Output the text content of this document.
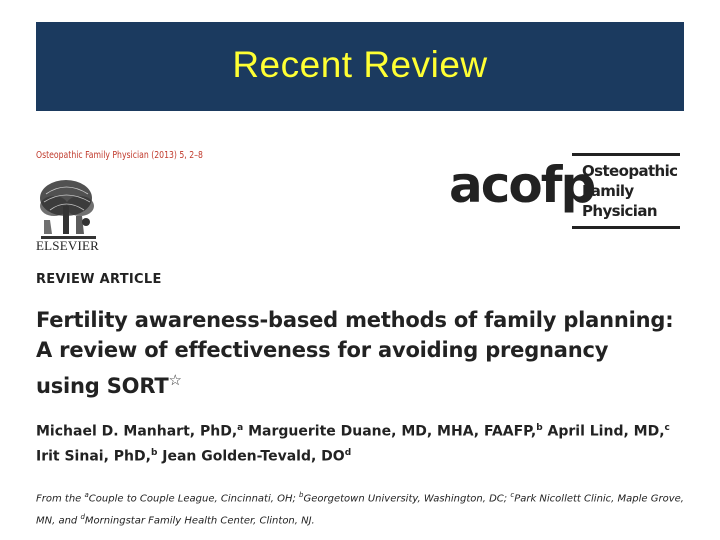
Recent Review
Osteopathic Family Physician (2013) 5, 2–8
ELSEVIER
acofp
Osteopathic
Family
Physician
REVIEW ARTICLE
Fertility awareness-based methods of family planning:
A review of effectiveness for avoiding pregnancy
using SORT☆
Michael D. Manhart, PhD,$^a$ Marguerite Duane, MD, MHA, FAAFP,$^b$ April Lind, MD,$^c$
Irit Sinai, PhD,$^b$ Jean Golden-Tevald, $DO^d$
From the $^a$Couple to Couple League, Cincinnati, OH; $^b$Georgetown University, Washington, DC; $^c$Park Nicollett Clinic, Maple Grove, MN, and $^d$Morningstar Family Health Center, Clinton, NJ.
